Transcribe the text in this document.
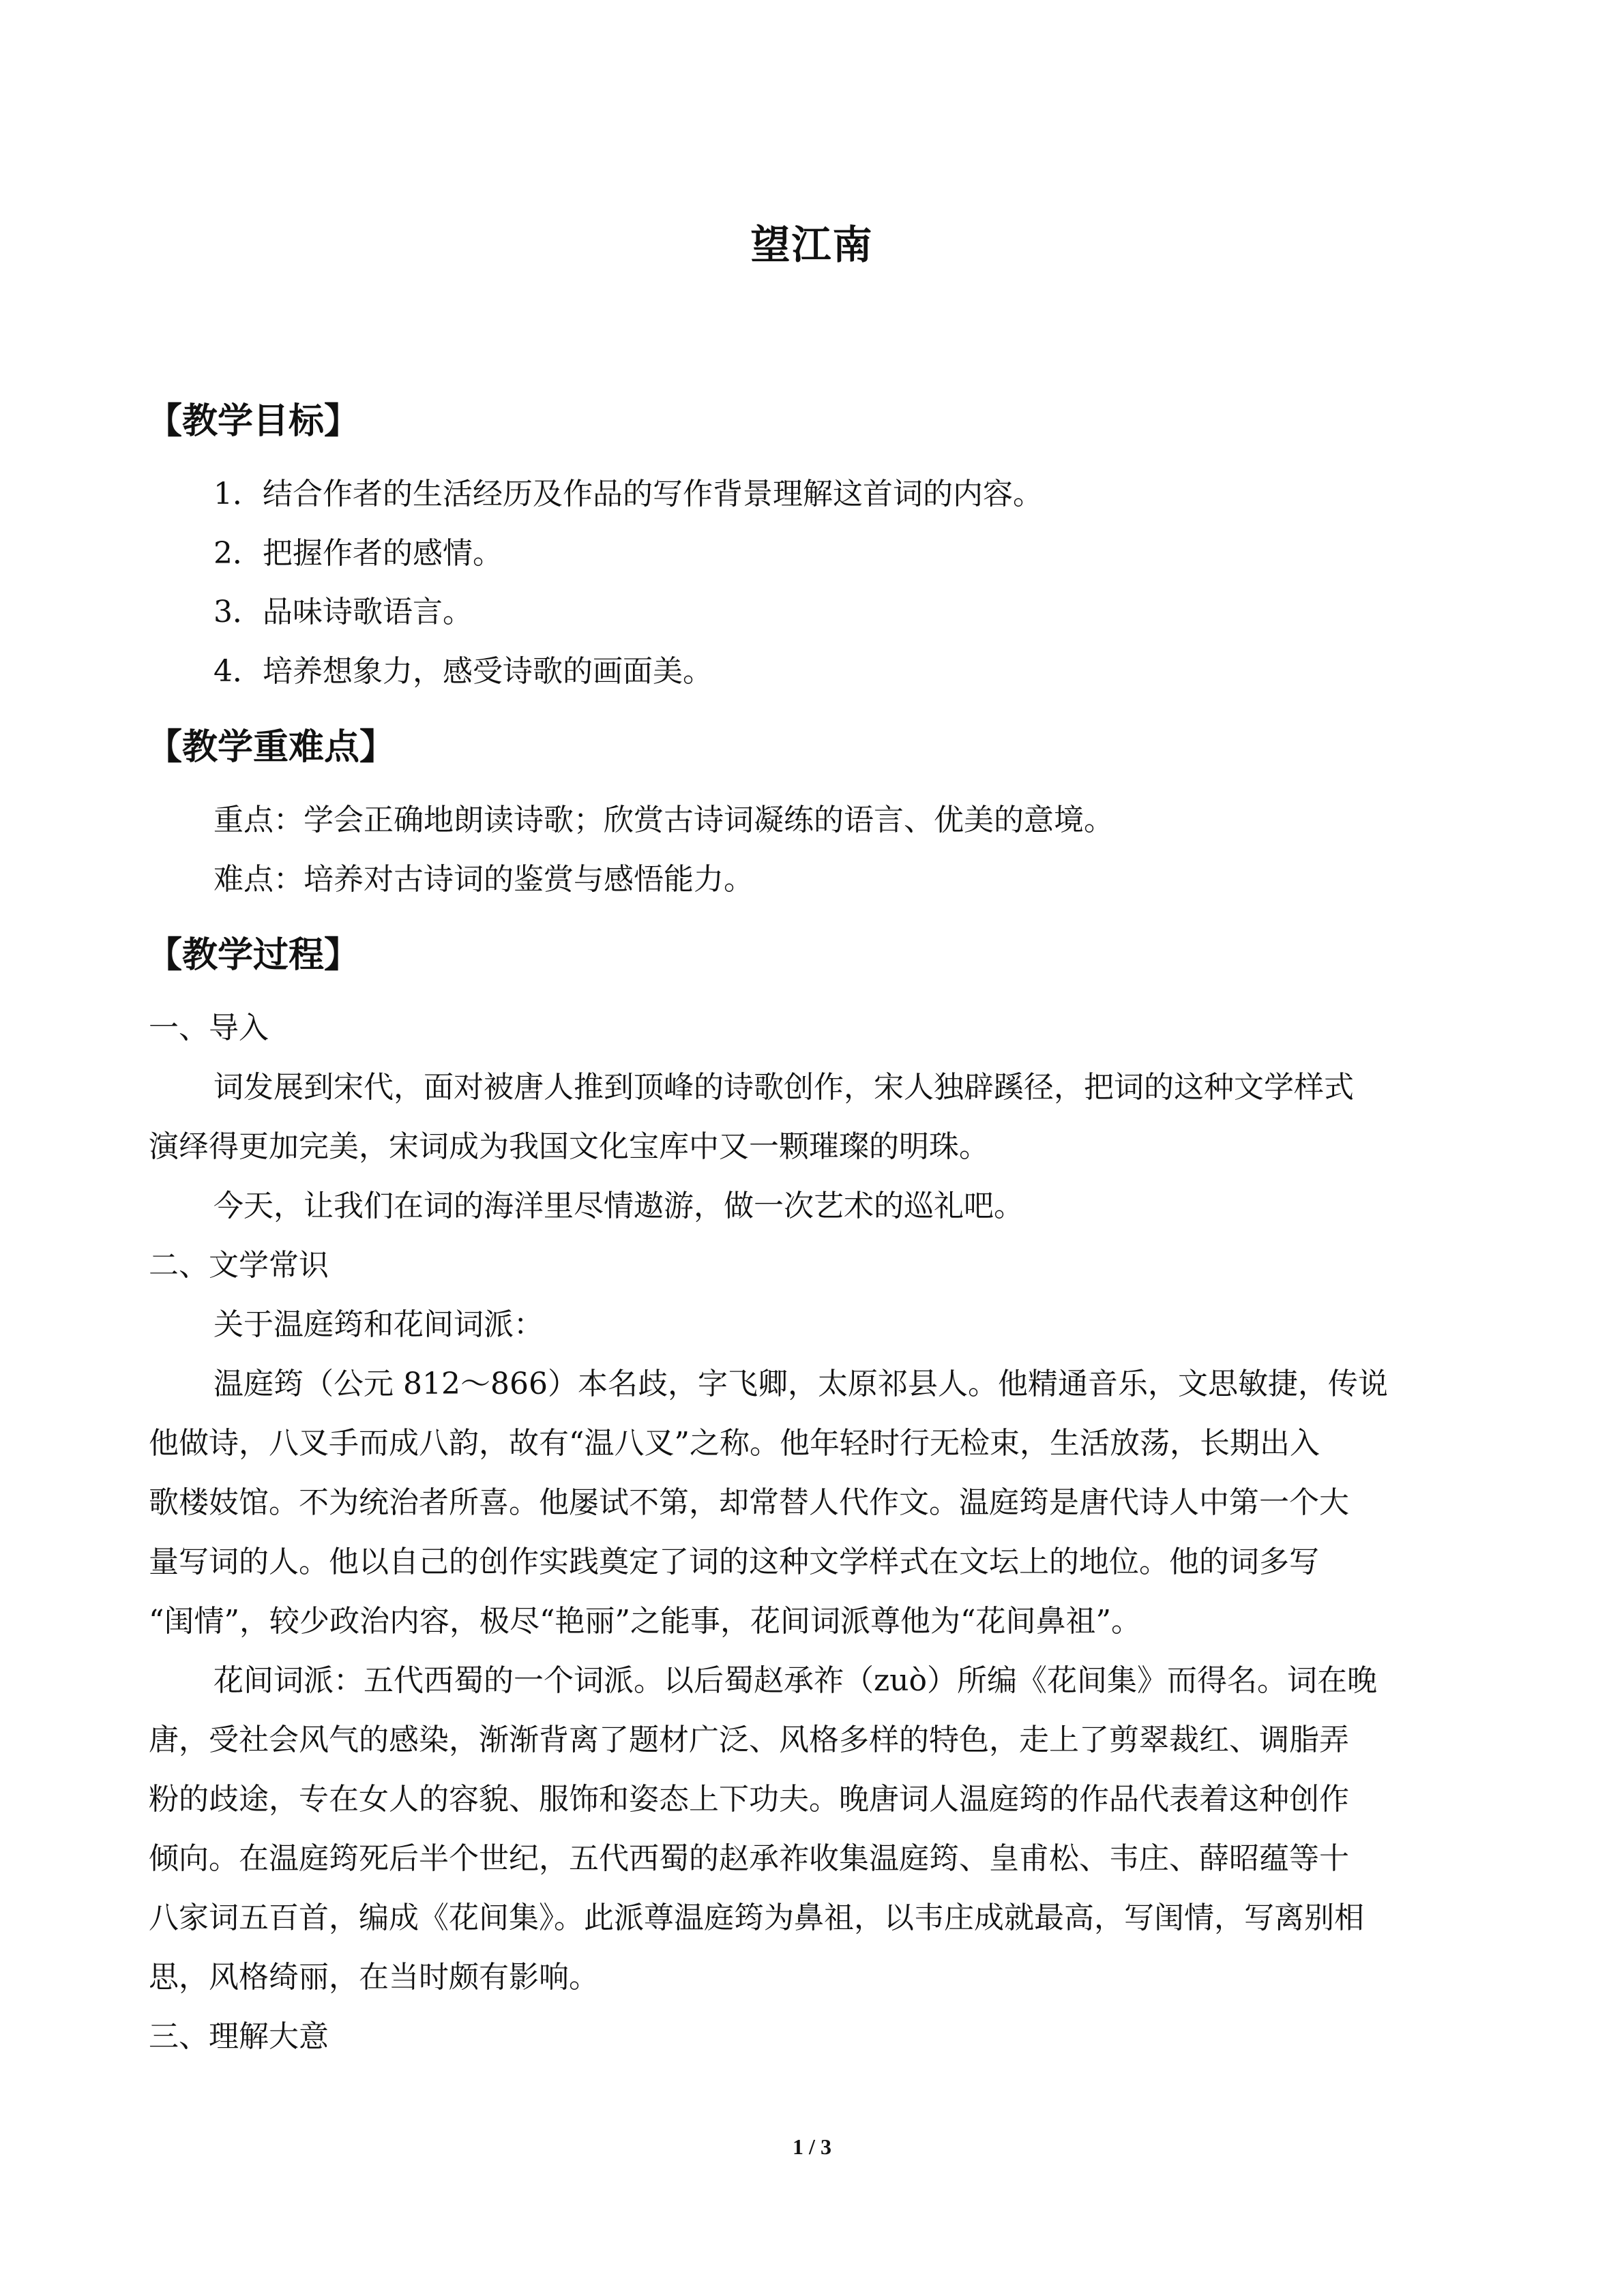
望江南
【教学目标】
1．结合作者的生活经历及作品的写作背景理解这首词的内容。
2．把握作者的感情。
3．品味诗歌语言。
4．培养想象力，感受诗歌的画面美。
【教学重难点】
重点：学会正确地朗读诗歌；欣赏古诗词凝练的语言、优美的意境。
难点：培养对古诗词的鉴赏与感悟能力。
【教学过程】
一、导入
词发展到宋代，面对被唐人推到顶峰的诗歌创作，宋人独辟蹊径，把词的这种文学样式
演绎得更加完美，宋词成为我国文化宝库中又一颗璀璨的明珠。
今天，让我们在词的海洋里尽情遨游，做一次艺术的巡礼吧。
二、文学常识
关于温庭筠和花间词派：
温庭筠（公元 812～866）本名歧，字飞卿，太原祁县人。他精通音乐，文思敏捷，传说
他做诗，八叉手而成八韵，故有“温八叉”之称。他年轻时行无检束，生活放荡，长期出入
歌楼妓馆。不为统治者所喜。他屡试不第，却常替人代作文。温庭筠是唐代诗人中第一个大
量写词的人。他以自己的创作实践奠定了词的这种文学样式在文坛上的地位。他的词多写
“闺情”，较少政治内容，极尽“艳丽”之能事，花间词派尊他为“花间鼻祖”。
花间词派：五代西蜀的一个词派。以后蜀赵承祚（zuò）所编《花间集》而得名。词在晚
唐，受社会风气的感染，渐渐背离了题材广泛、风格多样的特色，走上了剪翠裁红、调脂弄
粉的歧途，专在女人的容貌、服饰和姿态上下功夫。晚唐词人温庭筠的作品代表着这种创作
倾向。在温庭筠死后半个世纪，五代西蜀的赵承祚收集温庭筠、皇甫松、韦庄、薛昭蕴等十
八家词五百首，编成《花间集》。此派尊温庭筠为鼻祖，以韦庄成就最高，写闺情，写离别相
思，风格绮丽，在当时颇有影响。
三、理解大意
1 / 3
